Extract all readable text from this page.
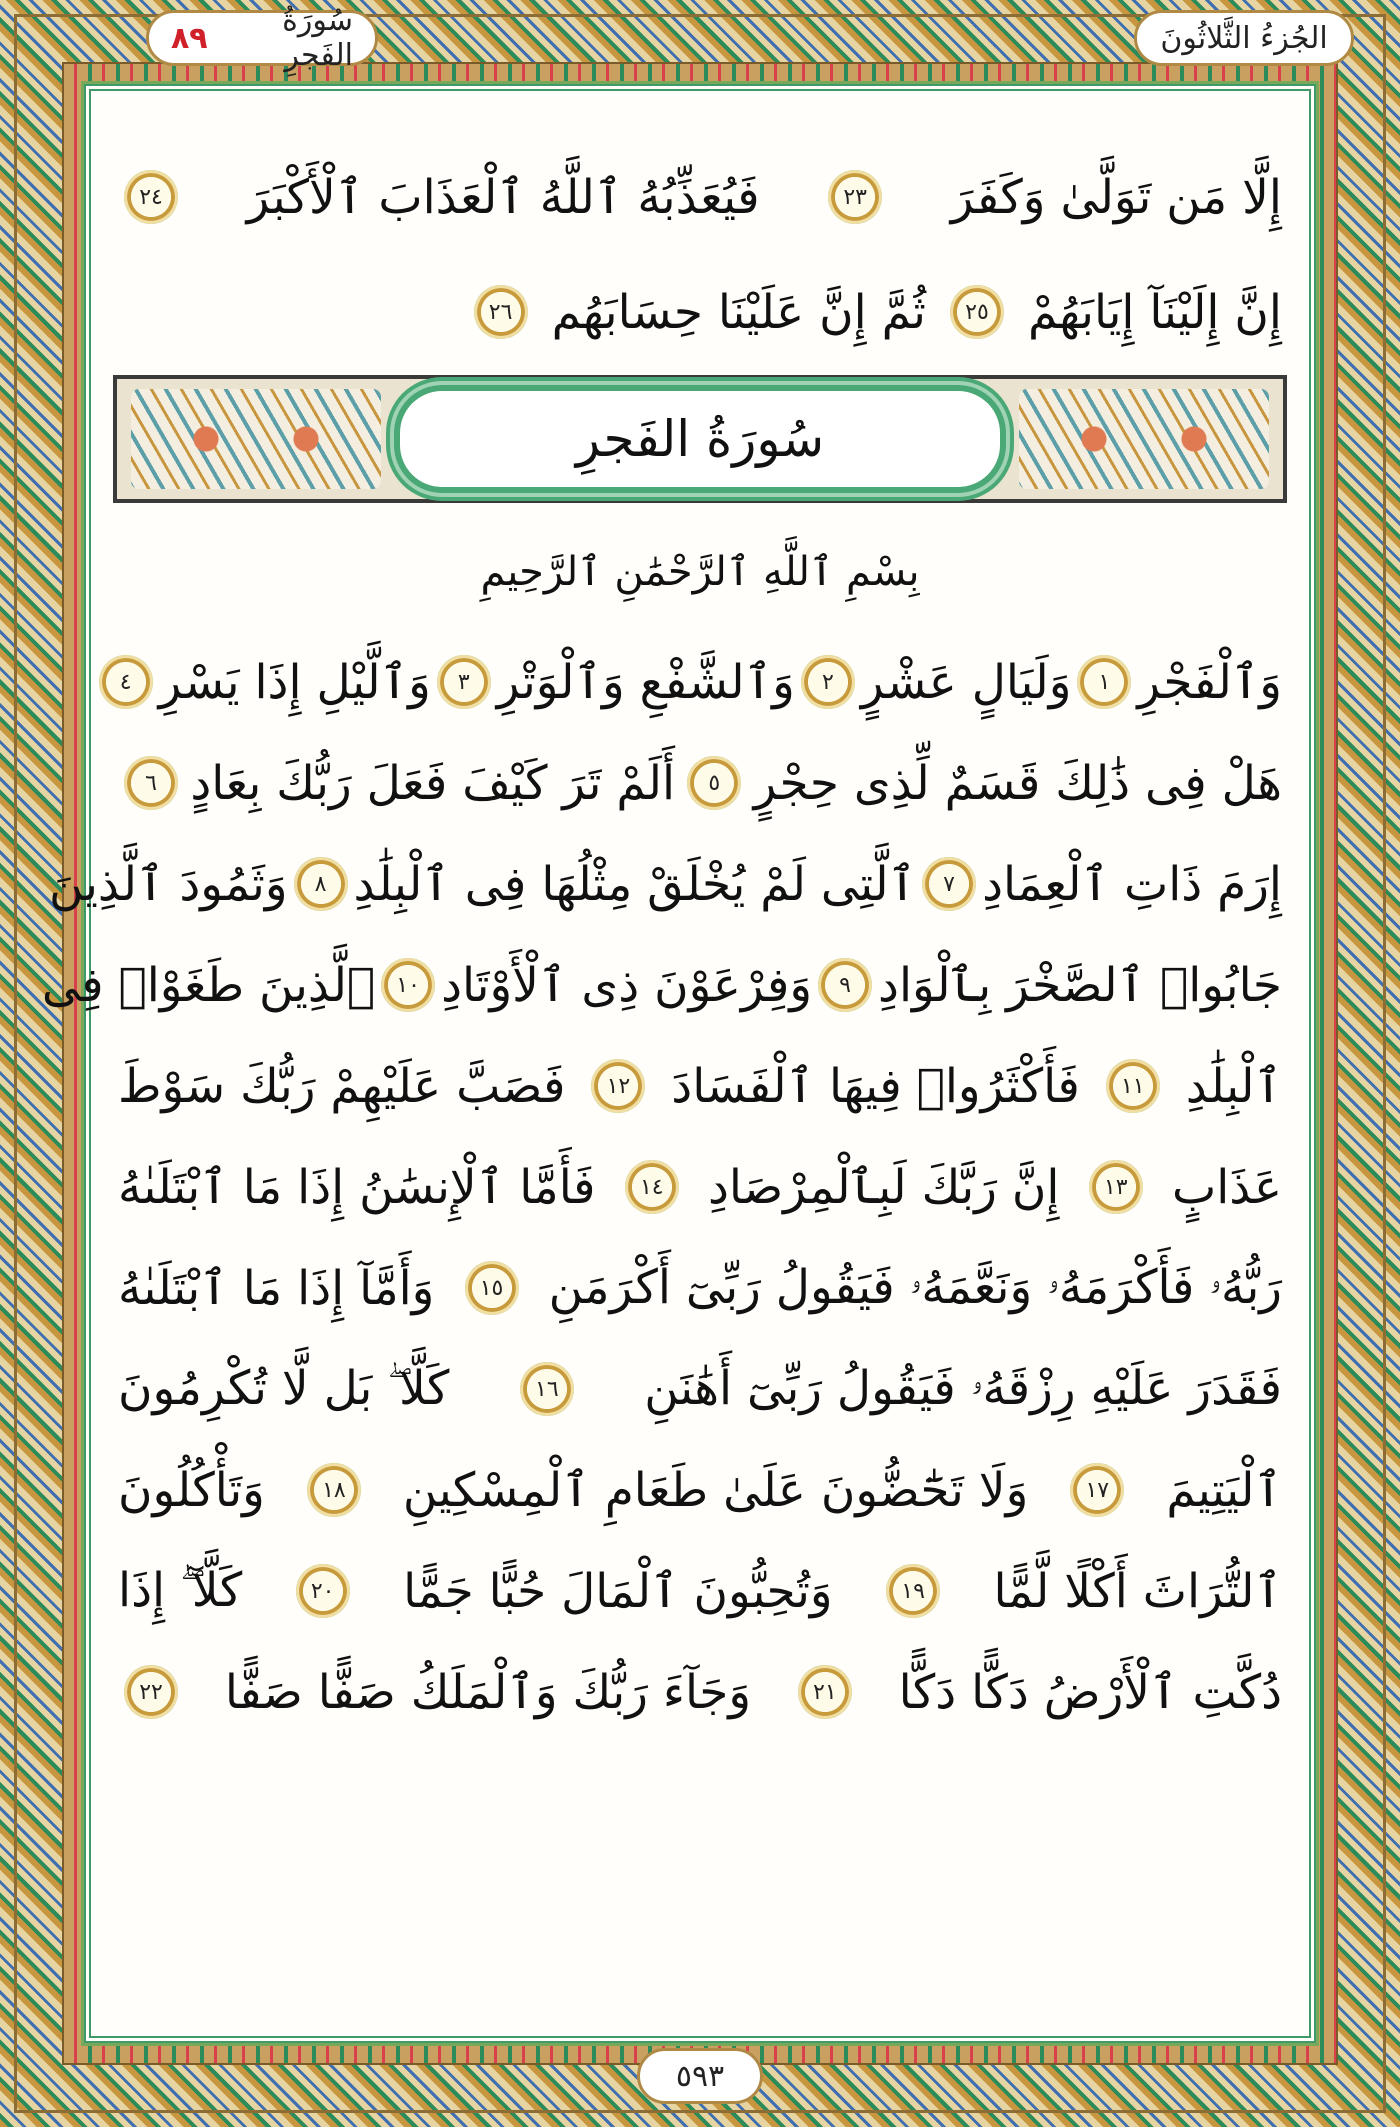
الجُزءُ الثَّلاثُونَ
سُورَةُ الفَجرِ
٨٩
إِلَّا مَن تَوَلَّىٰ وَكَفَرَ
٢٣
فَيُعَذِّبُهُ ٱللَّهُ ٱلْعَذَابَ ٱلْأَكْبَرَ
٢٤
إِنَّ إِلَيْنَآ إِيَابَهُمْ
٢٥
ثُمَّ إِنَّ عَلَيْنَا حِسَابَهُم
٢٦
سُورَةُ الفَجرِ
بِسْمِ ٱللَّهِ ٱلرَّحْمَٰنِ ٱلرَّحِيمِ
وَٱلْفَجْرِ
١
وَلَيَالٍ عَشْرٍ
٢
وَٱلشَّفْعِ وَٱلْوَتْرِ
٣
وَٱلَّيْلِ إِذَا يَسْرِ
٤
هَلْ فِى ذَٰلِكَ قَسَمٌ لِّذِى حِجْرٍ
٥
أَلَمْ تَرَ كَيْفَ فَعَلَ رَبُّكَ بِعَادٍ
٦
إِرَمَ ذَاتِ ٱلْعِمَادِ
٧
ٱلَّتِى لَمْ يُخْلَقْ مِثْلُهَا فِى ٱلْبِلَٰدِ
٨
وَثَمُودَ ٱلَّذِينَ
جَابُوا۟ ٱلصَّخْرَ بِٱلْوَادِ
٩
وَفِرْعَوْنَ ذِى ٱلْأَوْتَادِ
١٠
ٱلَّذِينَ طَغَوْا۟ فِى
ٱلْبِلَٰدِ
١١
فَأَكْثَرُوا۟ فِيهَا ٱلْفَسَادَ
١٢
فَصَبَّ عَلَيْهِمْ رَبُّكَ سَوْطَ
عَذَابٍ
١٣
إِنَّ رَبَّكَ لَبِٱلْمِرْصَادِ
١٤
فَأَمَّا ٱلْإِنسَٰنُ إِذَا مَا ٱبْتَلَىٰهُ
رَبُّهُۥ فَأَكْرَمَهُۥ وَنَعَّمَهُۥ فَيَقُولُ رَبِّىٓ أَكْرَمَنِ
١٥
وَأَمَّآ إِذَا مَا ٱبْتَلَىٰهُ
فَقَدَرَ عَلَيْهِ رِزْقَهُۥ فَيَقُولُ رَبِّىٓ أَهَٰنَنِ
١٦
كَلَّا ۖ بَل لَّا تُكْرِمُونَ
ٱلْيَتِيمَ
١٧
وَلَا تَحَٰٓضُّونَ عَلَىٰ طَعَامِ ٱلْمِسْكِينِ
١٨
وَتَأْكُلُونَ
ٱلتُّرَاثَ أَكْلًا لَّمًّا
١٩
وَتُحِبُّونَ ٱلْمَالَ حُبًّا جَمًّا
٢٠
كَلَّآ ۖ إِذَا
دُكَّتِ ٱلْأَرْضُ دَكًّا دَكًّا
٢١
وَجَآءَ رَبُّكَ وَٱلْمَلَكُ صَفًّا صَفًّا
٢٢
٥٩٣
